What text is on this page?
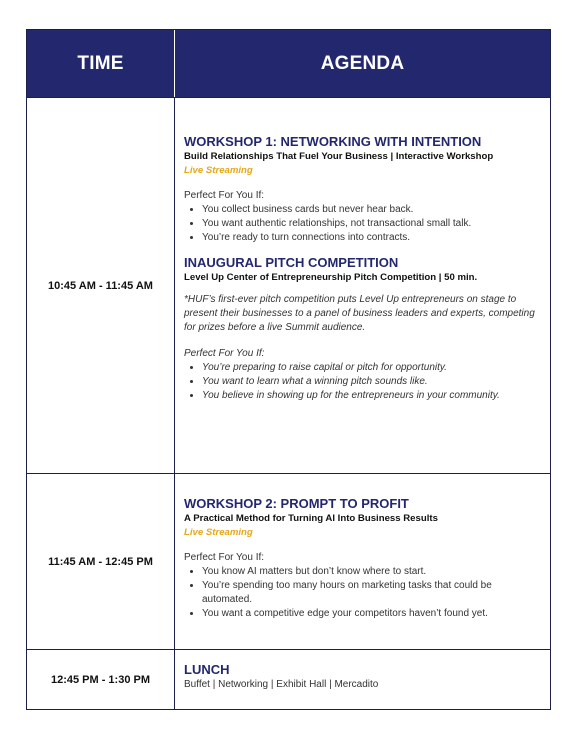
TIME	AGENDA
10:45 AM - 11:45 AM
WORKSHOP 1: NETWORKING WITH INTENTION
Build Relationships That Fuel Your Business | Interactive Workshop
Live Streaming
Perfect For You If:
• You collect business cards but never hear back.
• You want authentic relationships, not transactional small talk.
• You’re ready to turn connections into contracts.
INAUGURAL PITCH COMPETITION
Level Up Center of Entrepreneurship Pitch Competition | 50 min.
*HUF’s first-ever pitch competition puts Level Up entrepreneurs on stage to present their businesses to a panel of business leaders and experts, competing for prizes before a live Summit audience.
Perfect For You If:
• You’re preparing to raise capital or pitch for opportunity.
• You want to learn what a winning pitch sounds like.
• You believe in showing up for the entrepreneurs in your community.
11:45 AM - 12:45 PM
WORKSHOP 2: PROMPT TO PROFIT
A Practical Method for Turning AI Into Business Results
Live Streaming
Perfect For You If:
• You know AI matters but don’t know where to start.
• You’re spending too many hours on marketing tasks that could be automated.
• You want a competitive edge your competitors haven’t found yet.
12:45 PM - 1:30 PM
LUNCH
Buffet | Networking | Exhibit Hall | Mercadito
